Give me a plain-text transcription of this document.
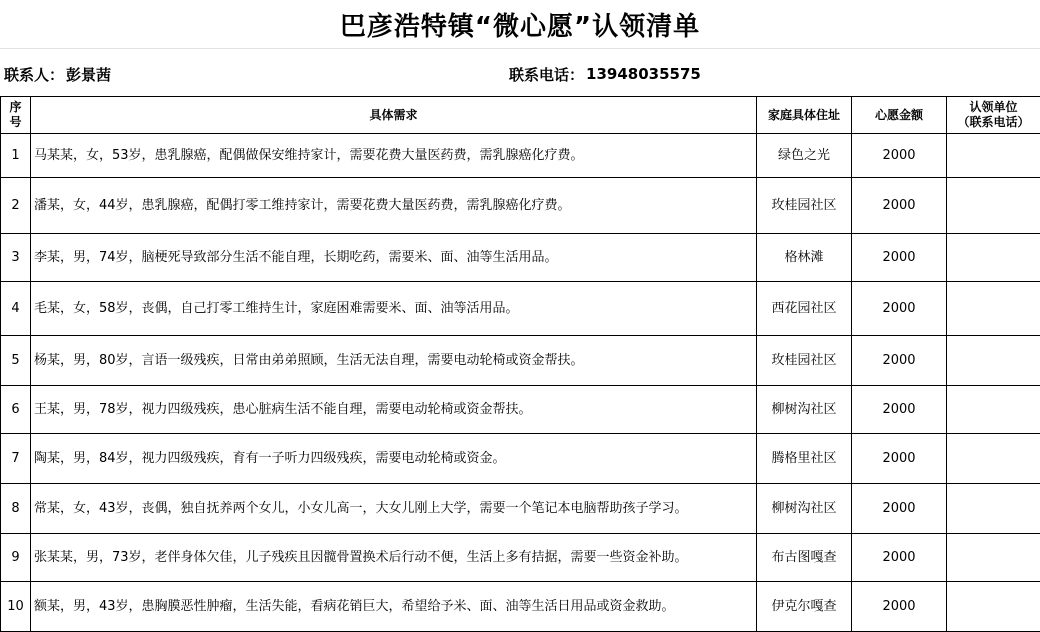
巴彦浩特镇“微心愿”认领清单
联系人： 彭景茜	联系电话： 13948035575
序号	具体需求	家庭具体住址	心愿金额	认领单位
（联系电话）
1	马某某，女，53岁，患乳腺癌，配偶做保安维持家计，需要花费大量医药费，需乳腺癌化疗费。	绿色之光	2000	
2	潘某，女，44岁，患乳腺癌，配偶打零工维持家计，需要花费大量医药费，需乳腺癌化疗费。	玫桂园社区	2000	
3	李某，男，74岁，脑梗死导致部分生活不能自理，长期吃药，需要米、面、油等生活用品。	格林滩	2000	
4	毛某，女，58岁，丧偶，自己打零工维持生计，家庭困难需要米、面、油等活用品。	西花园社区	2000	
5	杨某，男，80岁，言语一级残疾，日常由弟弟照顾，生活无法自理，需要电动轮椅或资金帮扶。	玫桂园社区	2000	
6	王某，男，78岁，视力四级残疾，患心脏病生活不能自理，需要电动轮椅或资金帮扶。	柳树沟社区	2000	
7	陶某，男，84岁，视力四级残疾，育有一子听力四级残疾，需要电动轮椅或资金。	腾格里社区	2000	
8	常某，女，43岁，丧偶，独自抚养两个女儿，小女儿高一，大女儿刚上大学，需要一个笔记本电脑帮助孩子学习。	柳树沟社区	2000	
9	张某某，男，73岁，老伴身体欠佳，儿子残疾且因髋骨置换术后行动不便，生活上多有拮据，需要一些资金补助。	布古图嘎查	2000	
10	额某，男，43岁，患胸膜恶性肿瘤，生活失能，看病花销巨大，希望给予米、面、油等生活日用品或资金救助。	伊克尔嘎查	2000	
